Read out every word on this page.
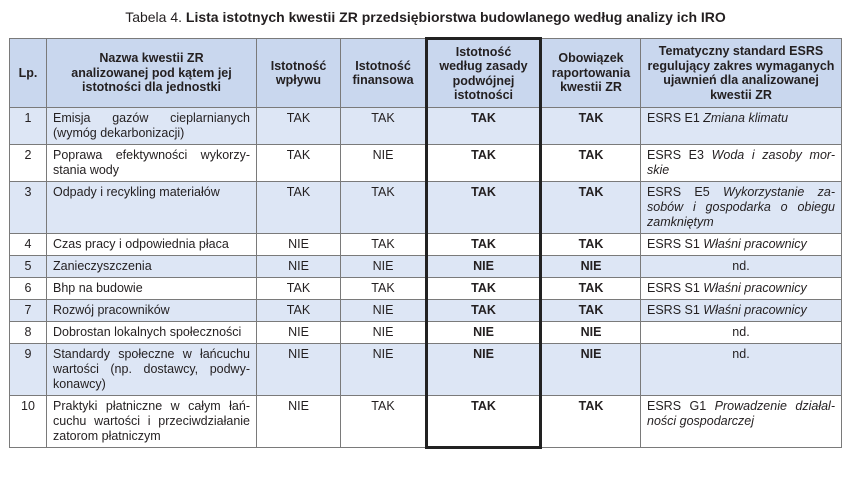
Tabela 4. Lista istotnych kwestii ZR przedsiębiorstwa budowlanego według analizy ich IRO
Lp.	Nazwa kwestii ZR analizowanej pod kątem jej istotności dla jednostki	Istotność wpływu	Istotność finansowa	Istotność według zasady podwójnej istotności	Obowiązek raportowania kwestii ZR	Tematyczny standard ESRS regulujący zakres wymaganych ujawnień dla analizowanej kwestii ZR
1	Emisja gazów cieplarnianych (wymóg dekarbonizacji)	TAK	TAK	TAK	TAK	ESRS E1 Zmiana klimatu
2	Poprawa efektywności wykorzy-stania wody	TAK	NIE	TAK	TAK	ESRS E3 Woda i zasoby mor-skie
3	Odpady i recykling materiałów	TAK	TAK	TAK	TAK	ESRS E5 Wykorzystanie za-sobów i gospodarka o obiegu zamkniętym
4	Czas pracy i odpowiednia płaca	NIE	TAK	TAK	TAK	ESRS S1 Właśni pracownicy
5	Zanieczyszczenia	NIE	NIE	NIE	NIE	nd.
6	Bhp na budowie	TAK	TAK	TAK	TAK	ESRS S1 Właśni pracownicy
7	Rozwój pracowników	TAK	NIE	TAK	TAK	ESRS S1 Właśni pracownicy
8	Dobrostan lokalnych społeczności	NIE	NIE	NIE	NIE	nd.
9	Standardy społeczne w łańcuchu wartości (np. dostawcy, podwy-konawcy)	NIE	NIE	NIE	NIE	nd.
10	Praktyki płatniczne w całym łań-cuchu wartości i przeciwdziałanie zatorom płatniczym	NIE	TAK	TAK	TAK	ESRS G1 Prowadzenie działal-ności gospodarczej
